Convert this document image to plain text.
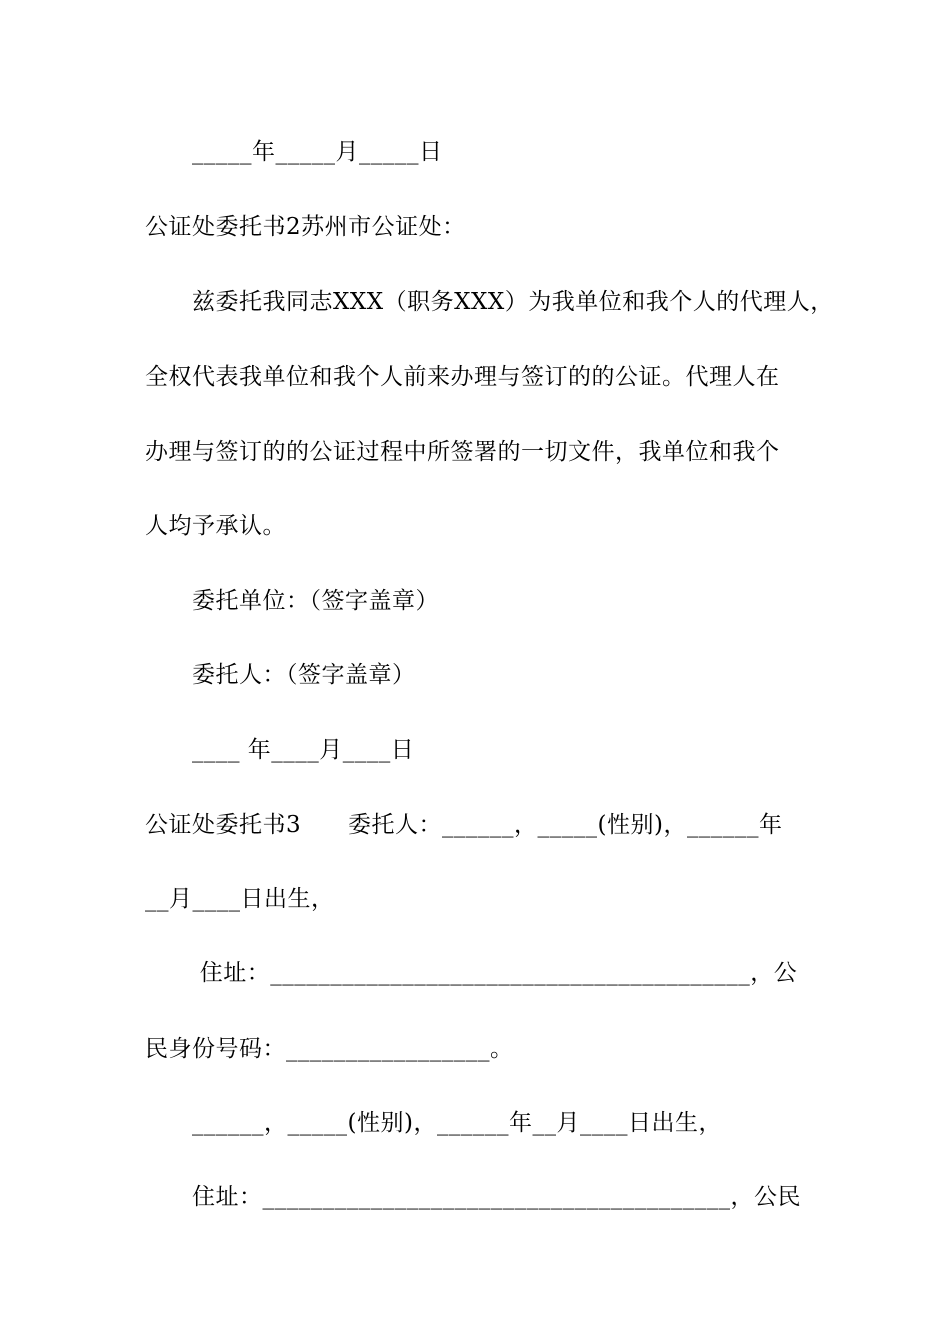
_____年_____月_____日
公证处委托书2苏州市公证处：
兹委托我同志XXX（职务XXX）为我单位和我个人的代理人，
全权代表我单位和我个人前来办理与签订的的公证。代理人在
办理与签订的的公证过程中所签署的一切文件，我单位和我个
人均予承认。
委托单位：（签字盖章）
委托人：（签字盖章）
____ 年____月____日
公证处委托书3      委托人：______，_____(性别)，______年
__月____日出生，
住址：________________________________________，公
民身份号码：_________________。
______，_____(性别)，______年__月____日出生，
住址：_______________________________________，公民
